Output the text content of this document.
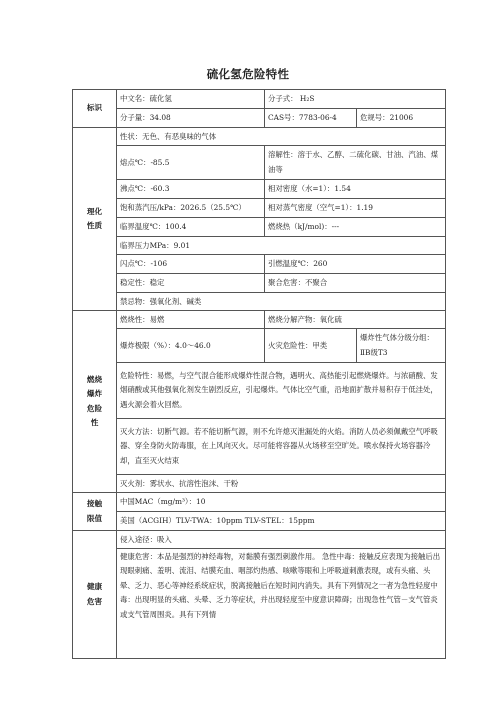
硫化氢危险特性
标识	中文名：硫化氢	分子式： H₂S	
	分子量：34.08	CAS号：7783-06-4	危规号：21006

理化
性质	性状：无色、有恶臭味的气体		
	熔点℃：-85.5	溶解性：溶于水、乙醇、二硫化碳、甘油、汽油、煤油等	
	沸点℃：-60.3	相对密度（水=1）：1.54	
	饱和蒸汽压/kPa：2026.5（25.5℃）	相对蒸气密度（空气=1）：1.19	
	临界温度℃：100.4	燃烧热（kJ/mol)：---	
	临界压力MPa：9.01		
	闪点℃：-106	引燃温度℃：260	
	稳定性：稳定	聚合危害：不聚合	
	禁忌物：强氧化剂、碱类		

燃烧
爆炸
危险
性	燃烧性：易燃	燃烧分解产物：氧化硫	
	爆炸极限（%）：4.0～46.0	火灾危险性：甲类	爆炸性气体分级分组：ⅡB级T3
	危险特性：易燃，与空气混合能形成爆炸性混合物，遇明火、高热能引起燃烧爆炸。与浓硝酸、发烟硝酸或其他强氧化剂发生剧烈反应，引起爆炸。气体比空气重，沿地面扩散并易积存于低洼处，遇火源会着火回燃。		
	灭火方法：切断气源。若不能切断气源，则不允许熄灭泄漏处的火焰。消防人员必须佩戴空气呼吸器、穿全身防火防毒服，在上风向灭火。尽可能将容器从火场移至空旷处。喷水保持火场容器冷却，直至灭火结束		
	灭火剂：雾状水、抗溶性泡沫、干粉		

接触
限值	中国MAC（mg/m³）：10		
	美国（ACGIH）TLV-TWA：10ppm TLV-STEL：15ppm		

健康
危害	侵入途径：吸入		
	健康危害：本品是强烈的神经毒物，对黏膜有强烈刺激作用。 急性中毒：接触反应表现为接触后出现眼刺痛、羞明、流泪、结膜充血、咽部灼热感、咳嗽等眼和上呼吸道刺激表现，或有头痛、头晕、乏力、恶心等神经系统症状，脱离接触后在短时间内消失。具有下列情况之一者为急性轻度中毒：出现明显的头痛、头晕、乏力等症状，并出现轻度至中度意识障碍；出现急性气管－支气管炎或支气管周围炎。具有下列情		
